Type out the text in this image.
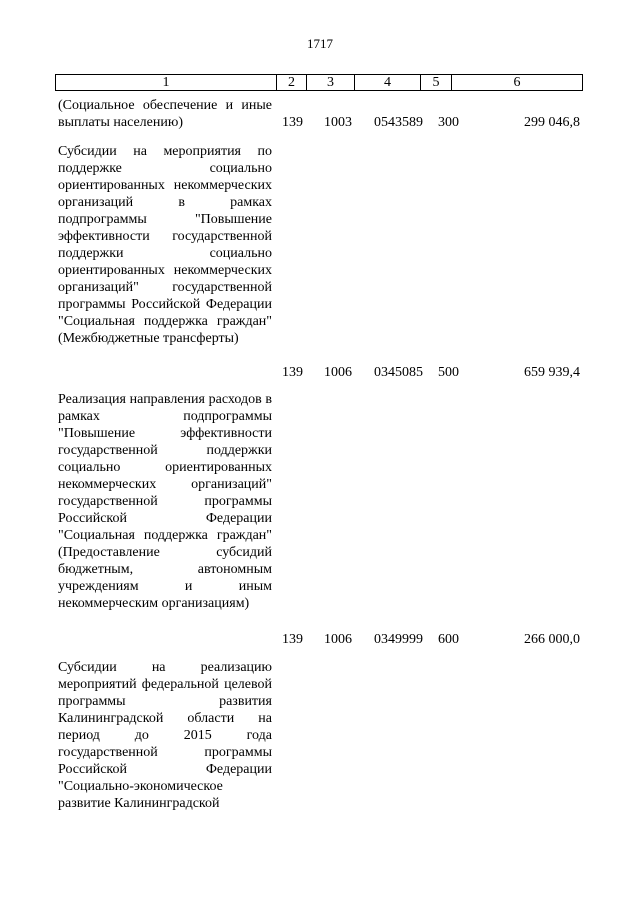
1717
1	2	3	4	5	6
(Социальное обеспечение и иные выплаты населению)	139 1003 0543589 300	299 046,8
Субсидии на мероприятия по поддержке социально ориентированных некоммерческих организаций в рамках подпрограммы "Повышение эффективности государственной поддержки социально ориентированных некоммерческих организаций" государственной программы Российской Федерации "Социальная поддержка граждан" (Межбюджетные трансферты)
139 1006 0345085 500	659 939,4
Реализация направления расходов в рамках подпрограммы "Повышение эффективности государственной поддержки социально ориентированных некоммерческих организаций" государственной программы Российской Федерации "Социальная поддержка граждан" (Предоставление субсидий бюджетным, автономным учреждениям и иным некоммерческим организациям)
139 1006 0349999 600	266 000,0
Субсидии на реализацию мероприятий федеральной целевой программы развития Калининградской области на период до 2015 года государственной программы Российской Федерации "Социально-экономическое развитие Калининградской
